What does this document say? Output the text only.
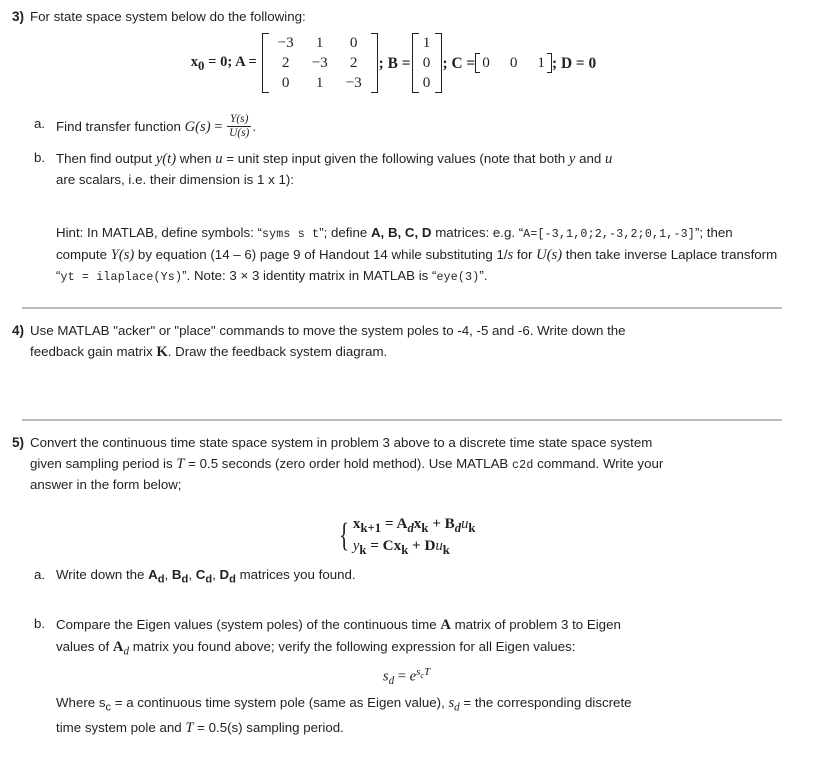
3) For state space system below do the following:
$x_0 = 0$; A =
−3	1	0
2	−3	2
0	1	−3
; B =
1
0
0
; C = 0 0 1 ; D = 0
a. Find transfer function $G(s) = \frac{Y(s)}{U(s)}$ .
b. Then find output y(t) when u = unit step input given the following values (note that both y and u
are scalars, i.e. their dimension is 1 x 1):
Hint: In MATLAB, define symbols: “syms s t”; define A, B, C, D matrices: e.g. “A=[-3,1,0;2,-3,2;0,1,-3]”; then compute Y(s) by equation (14 – 6) page 9 of Handout 14 while substituting 1/s for U(s) then take inverse Laplace transform “yt = ilaplace(Ys)”. Note: 3 × 3 identity matrix in MATLAB is “eye(3)”.
4) Use MATLAB "acker" or "place" commands to move the system poles to -4, -5 and -6. Write down the
feedback gain matrix K. Draw the feedback system diagram.
5) Convert the continuous time state space system in problem 3 above to a discrete time state space system
given sampling period is T = 0.5 seconds (zero order hold method). Use MATLAB c2d command. Write your
answer in the form below;
{ $x_{k+1} = A_dx_k + B_du_k$
$y_k = Cx_k + Du_k$
a. Write down the $A_d$, $B_d$, $C_d$, $D_d$ matrices you found.
b. Compare the Eigen values (system poles) of the continuous time A matrix of problem 3 to Eigen
values of $A_d$ matrix you found above; verify the following expression for all Eigen values:
$s_d = e^{s_cT}$
Where $s_c = a$ continuous time system pole (same as Eigen value), $s_d$ = the corresponding discrete
time system pole and T = 0.5(s) sampling period.
